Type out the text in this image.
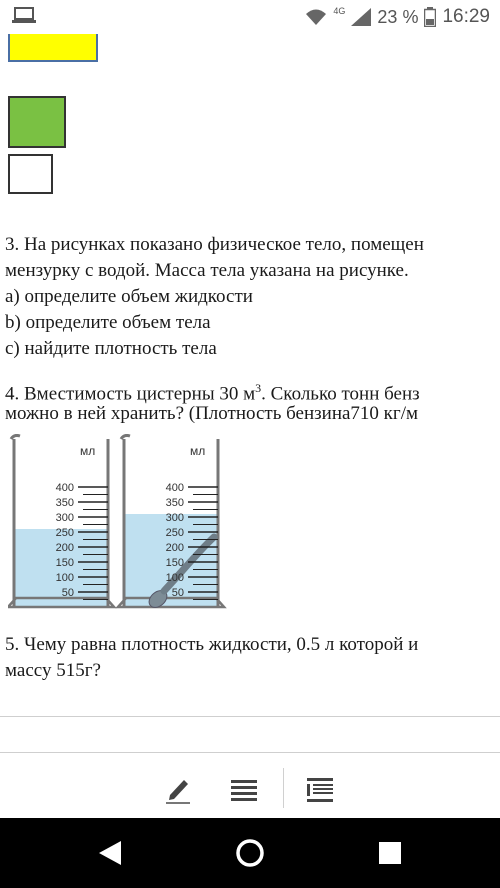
4G 23 % 16:29
3. На рисунках показано физическое тело, помещен
мензурку с водой. Масса тела указана на рисунке.
a) определите объем жидкости
b) определите объем тела
c) найдите плотность тела
4. Вместимость цистерны 30 $м^3$. Сколько тонн бенз
можно в ней хранить? (Плотность бензина710 кг/м
мл
400
350
300
250
200
150
100
50
мл
400
350
300
250
200
150
100
50
5. Чему равна плотность жидкости, 0.5 л которой и
массу 515г?
